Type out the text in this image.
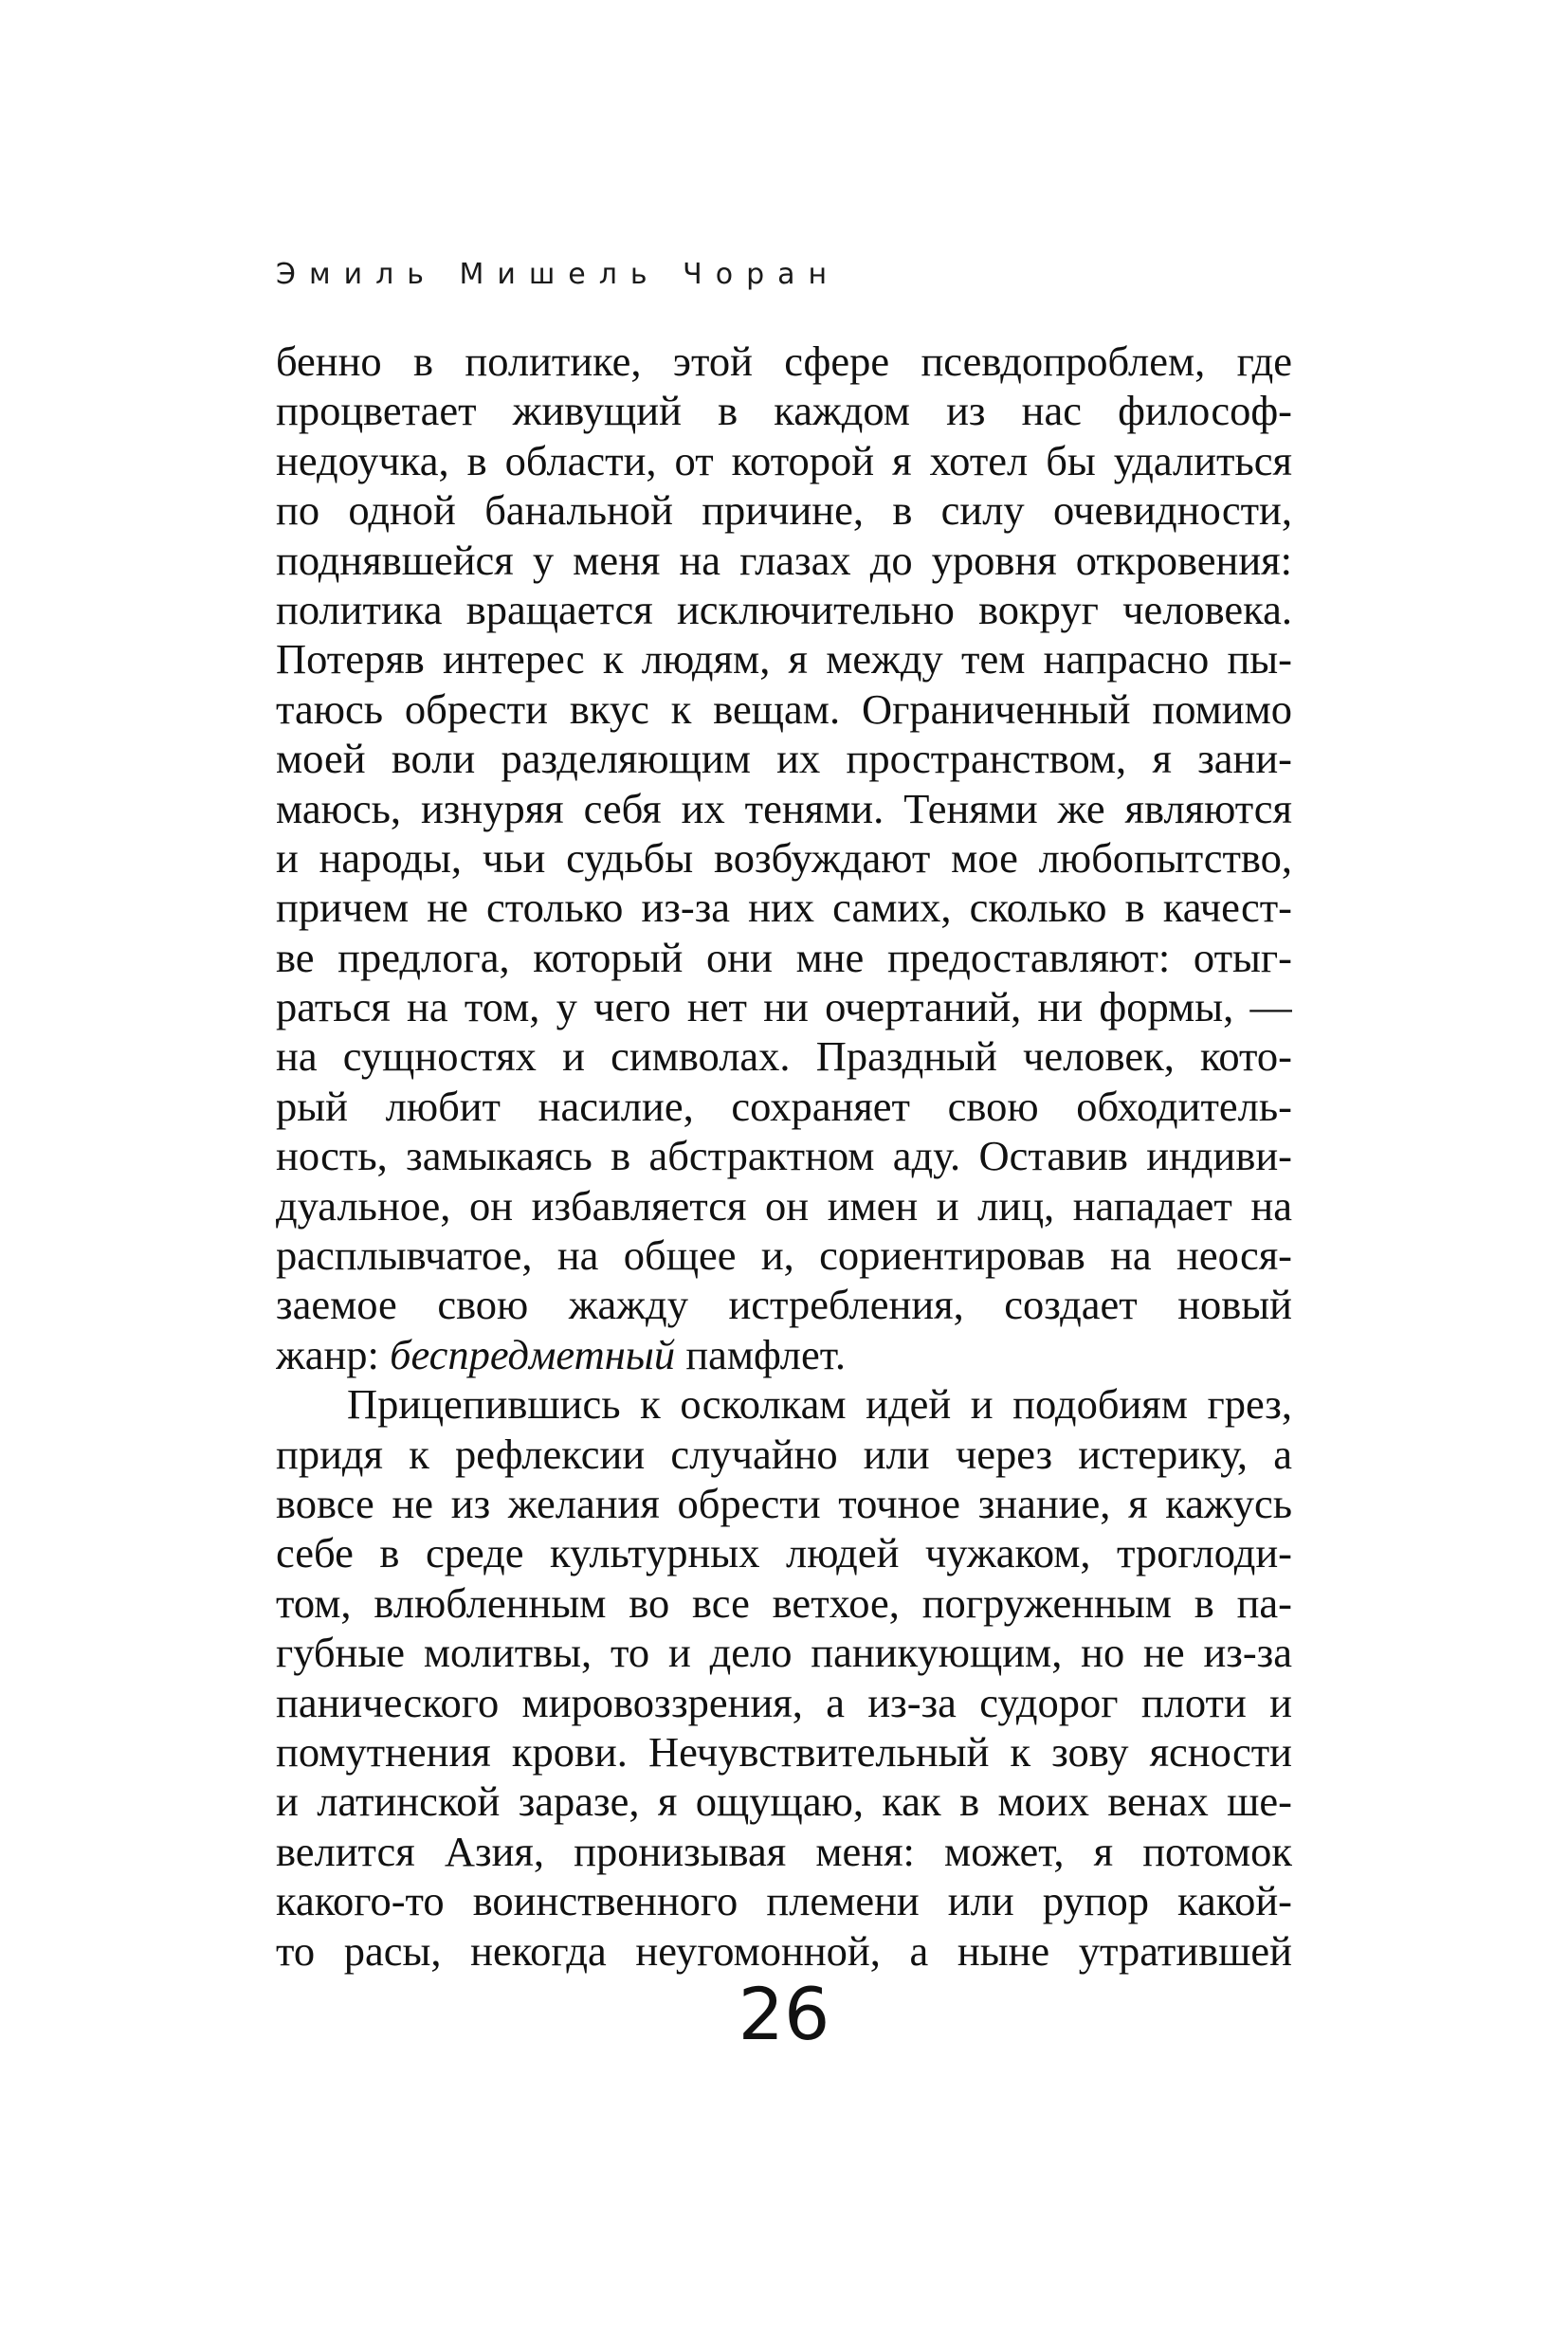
Эмиль Мишель Чоран
бенно в политике, этой сфере псевдопроблем, где
процветает живущий в каждом из нас философ-
недоучка, в области, от которой я хотел бы удалиться
по одной банальной причине, в силу очевидности,
поднявшейся у меня на глазах до уровня откровения:
политика вращается исключительно вокруг человека.
Потеряв интерес к людям, я между тем напрасно пы-
таюсь обрести вкус к вещам. Ограниченный помимо
моей воли разделяющим их пространством, я зани-
маюсь, изнуряя себя их тенями. Тенями же являются
и народы, чьи судьбы возбуждают мое любопытство,
причем не столько из-за них самих, сколько в качест-
ве предлога, который они мне предоставляют: отыг-
раться на том, у чего нет ни очертаний, ни формы, —
на сущностях и символах. Праздный человек, кото-
рый любит насилие, сохраняет свою обходитель-
ность, замыкаясь в абстрактном аду. Оставив индиви-
дуальное, он избавляется он имен и лиц, нападает на
расплывчатое, на общее и, сориентировав на неося-
заемое свою жажду истребления, создает новый
жанр: беспредметный памфлет.
Прицепившись к осколкам идей и подобиям грез,
придя к рефлексии случайно или через истерику, а
вовсе не из желания обрести точное знание, я кажусь
себе в среде культурных людей чужаком, троглоди-
том, влюбленным во все ветхое, погруженным в па-
губные молитвы, то и дело паникующим, но не из-за
панического мировоззрения, а из-за судорог плоти и
помутнения крови. Нечувствительный к зову ясности
и латинской заразе, я ощущаю, как в моих венах ше-
велится Азия, пронизывая меня: может, я потомок
какого-то воинственного племени или рупор какой-
то расы, некогда неугомонной, а ныне утратившей
26
